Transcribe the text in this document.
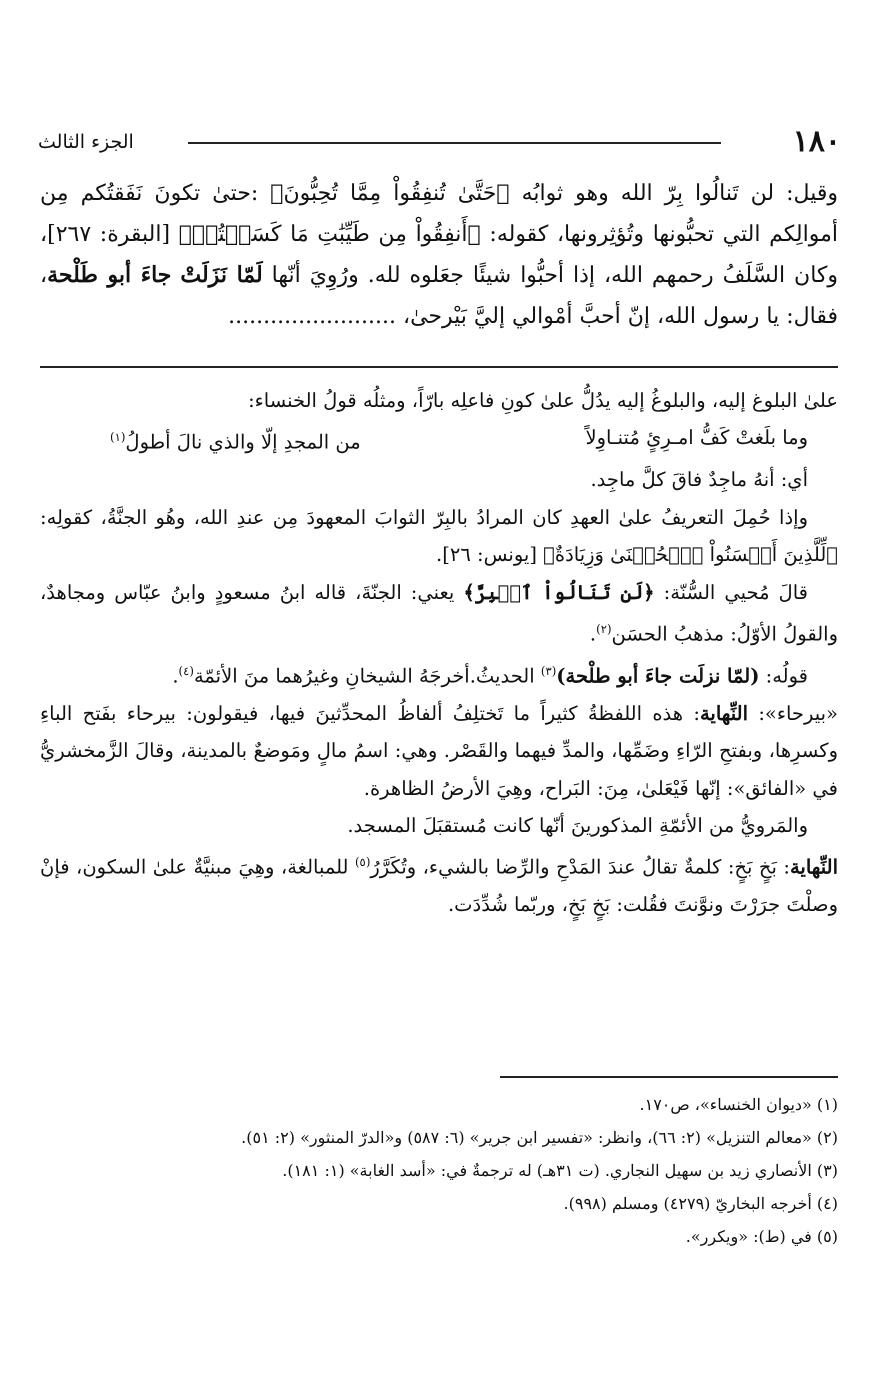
١٨٠
الجزء الثالث
وقيل: لن تَنالُوا بِرّ الله وهو ثوابُه ﴿حَتَّىٰ تُنفِقُواْ مِمَّا تُحِبُّونَ﴾ :حتىٰ تكونَ نَفَقتُكم مِن أموالِكم التي تحبُّونها وتُؤثِرونها، كقوله: ﴿أَنفِقُواْ مِن طَيِّبَٰتِ مَا كَسَبۡتُمۡ﴾ [البقرة: ٢٦٧]، وكان السَّلَفُ رحمهم الله، إذا أحبُّوا شيئًا جعَلوه لله. ورُوِيَ أنّها لَمّا نَزَلَتْ جاءَ أبو طَلْحة، فقال: يا رسول الله، إنّ أحبَّ أمْوالي إليَّ بَيْرحىٰ، ........................

علىٰ البلوغ إليه، والبلوغُ إليه يدُلُّ علىٰ كونِ فاعلِه بارّاً، ومثلُه قولُ الخنساء:

وما بلَغتْ كَفُّ امـرِئٍ مُتنـاوِلاً
من المجدِ إلّا والذي نالَ أطولُ$^{(١)}$

أي: أنهُ ماجِدٌ فاقَ كلَّ ماجِد.

وإذا حُمِلَ التعريفُ علىٰ العهدِ كان المرادُ بالبِرّ الثوابَ المعهودَ مِن عندِ الله، وهُو الجنَّةُ، كقولِه: ﴿لِّلَّذِينَ أَحۡسَنُواْ ٱلۡحُسۡنَىٰ وَزِيَادَةٌ﴾ [يونس: ٢٦].

قالَ مُحيي السُّنّة: ﴿لَن تَنَالُواْ ٱلۡبِرَّ﴾ يعني: الجنّةَ، قاله ابنُ مسعودٍ وابنُ عبّاس ومجاهدٌ، والقولُ الأوّلُ: مذهبُ الحسَن$^{(٢)}$.

قولُه: (لمّا نزلَت جاءَ أبو طلْحة)$^{(٣)}$ الحديثُ.أخرجَهُ الشيخانِ وغيرُهما منَ الأئمّة$^{(٤)}$.

«بيرحاء»: النِّهاية: هذه اللفظةُ كثيراً ما تَختلِفُ ألفاظُ المحدِّثينَ فيها، فيقولون: بيرحاء بفَتح الباءِ وكسرِها، وبفتحِ الرّاءِ وضَمِّها، والمدِّ فيهما والقَصْر. وهي: اسمُ مالٍ ومَوضعٌ بالمدينة، وقالَ الزَّمخشريُّ في «الفائق»: إنّها فَيْعَلىٰ، مِنَ: البَراح، وهِيَ الأرضُ الظاهرة.

والمَرويُّ من الأئمّةِ المذكورينَ أنّها كانت مُستقبَلَ المسجد.

النِّهاية: بَخٍ بَخٍ: كلمةٌ تقالُ عندَ المَدْحِ والرِّضا بالشيء، وتُكَرَّرُ$^{(٥)}$ للمبالغة، وهِيَ مبنيَّةٌ علىٰ السكون، فإنْ وصلْتَ جرَرْتَ ونوَّنتَ فقُلت: بَخٍ بَخٍ، وربّما شُدِّدَت.

(١) «ديوان الخنساء»، ص١٧٠.
(٢) «معالم التنزيل» (٢: ٦٦)، وانظر: «تفسير ابن جرير» (٦: ٥٨٧) و«الدرّ المنثور» (٢: ٥١).
(٣) الأنصاري زيد بن سهيل النجاري. (ت ٣١هـ) له ترجمةٌ في: «أسد الغابة» (١: ١٨١).
(٤) أخرجه البخاريّ (٤٢٧٩) ومسلم (٩٩٨).
(٥) في (ط): «ويكرر».
